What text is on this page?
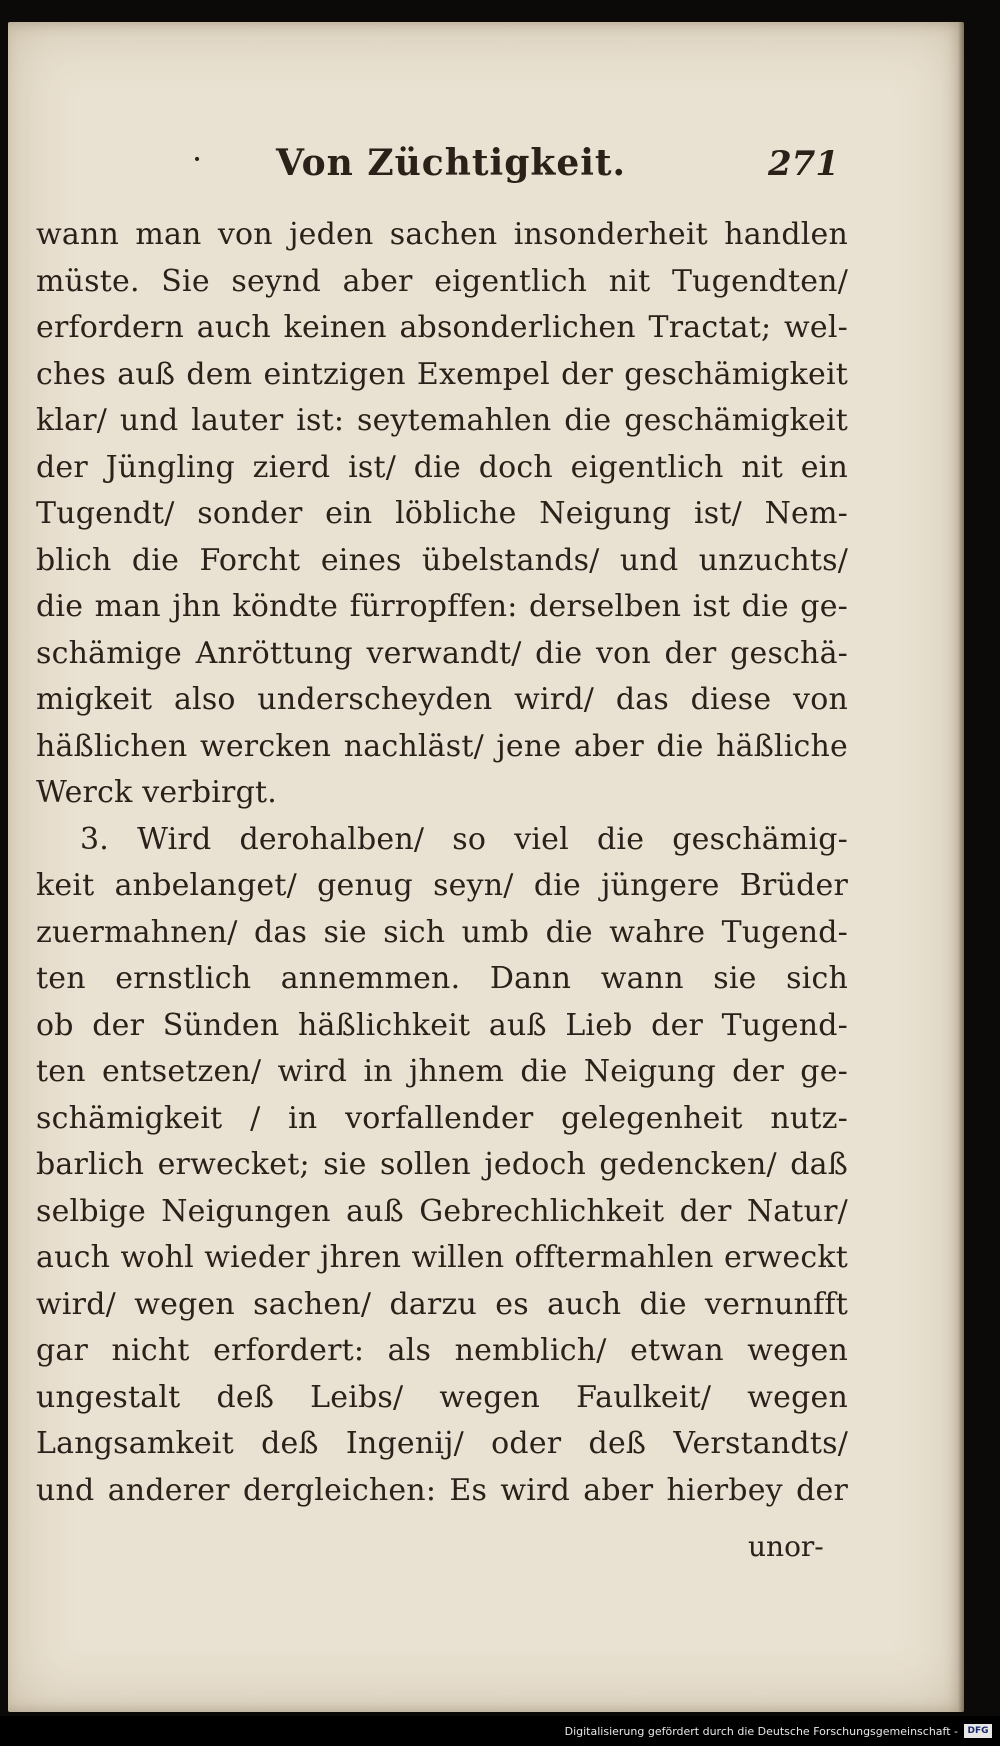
· Von Züchtigkeit.	271
wann man von jeden sachen insonderheit handlen
müste. Sie seynd aber eigentlich nit Tugendten/
erfordern auch keinen absonderlichen Tractat; wel-
ches auß dem eintzigen Exempel der geschämigkeit
klar/ und lauter ist: seytemahlen die geschämigkeit
der Jüngling zierd ist/ die doch eigentlich nit ein
Tugendt/ sonder ein löbliche Neigung ist/ Nem-
blich die Forcht eines übelstands/ und unzuchts/
die man jhn köndte fürropffen: derselben ist die ge-
schämige Anröttung verwandt/ die von der geschä-
migkeit also underscheyden wird/ das diese von
häßlichen wercken nachläst/ jene aber die häßliche
Werck verbirgt.
3. Wird derohalben/ so viel die geschämig-
keit anbelanget/ genug seyn/ die jüngere Brüder
zuermahnen/ das sie sich umb die wahre Tugend-
ten ernstlich annemmen. Dann wann sie sich
ob der Sünden häßlichkeit auß Lieb der Tugend-
ten entsetzen/ wird in jhnem die Neigung der ge-
schämigkeit / in vorfallender gelegenheit nutz-
barlich erwecket; sie sollen jedoch gedencken/ daß
selbige Neigungen auß Gebrechlichkeit der Natur/
auch wohl wieder jhren willen offtermahlen erweckt
wird/ wegen sachen/ darzu es auch die vernunfft
gar nicht erfordert: als nemblich/ etwan wegen
ungestalt deß Leibs/ wegen Faulkeit/ wegen
Langsamkeit deß Ingenij/ oder deß Verstandts/
und anderer dergleichen: Es wird aber hierbey der
unor-
Digitalisierung gefördert durch die Deutsche Forschungsgemeinschaft -	DFG
